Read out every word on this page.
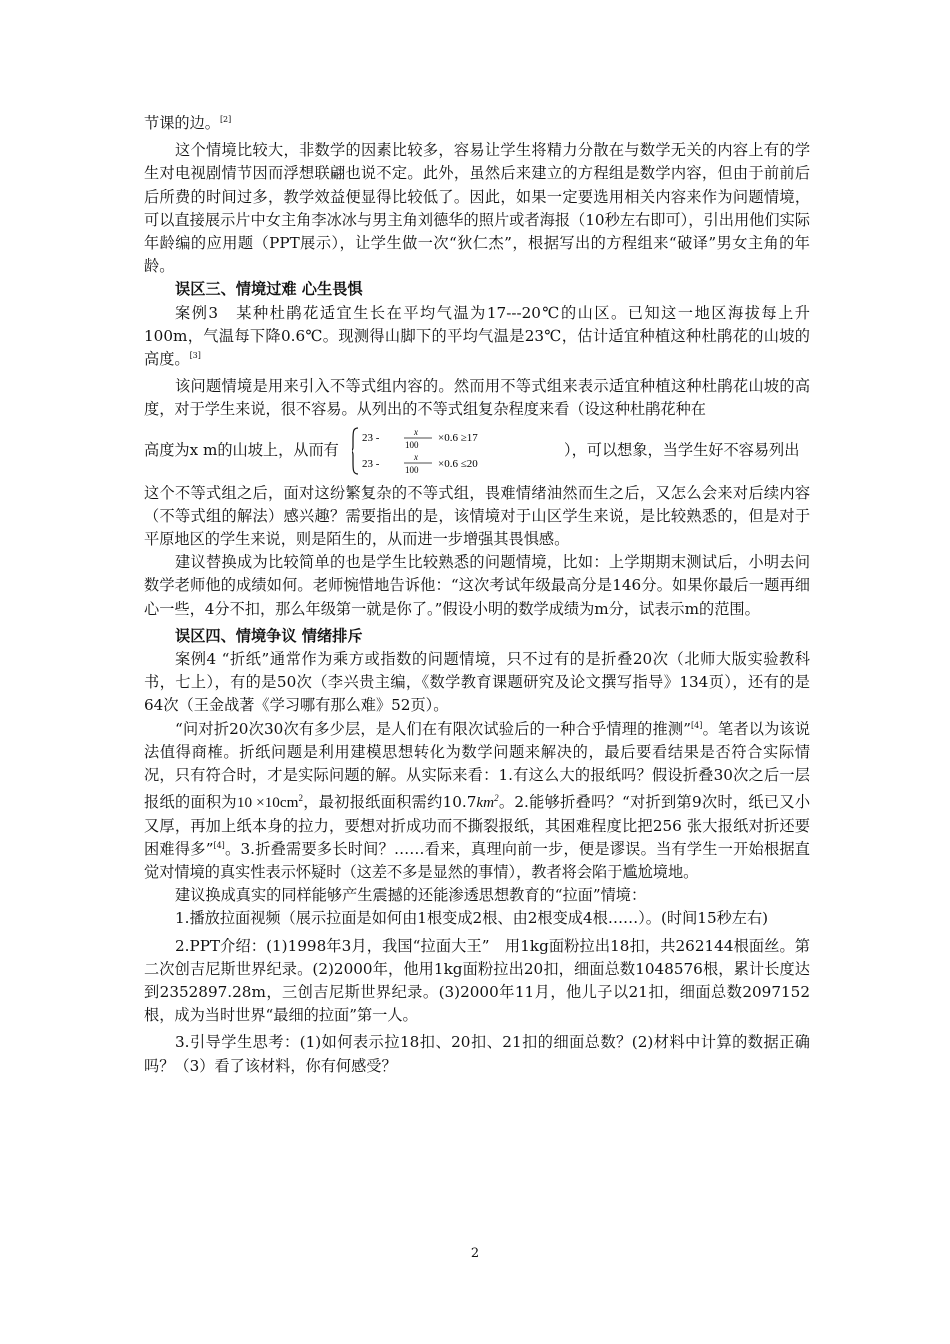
节课的边。[2]

这个情境比较大，非数学的因素比较多，容易让学生将精力分散在与数学无关的内容上有的学生对电视剧情节因而浮想联翩也说不定。此外，虽然后来建立的方程组是数学内容，但由于前前后后所费的时间过多，教学效益便显得比较低了。因此，如果一定要选用相关内容来作为问题情境，可以直接展示片中女主角李冰冰与男主角刘德华的照片或者海报（10秒左右即可），引出用他们实际年龄编的应用题（PPT展示），让学生做一次“狄仁杰”，根据写出的方程组来“破译”男女主角的年龄。

误区三、情境过难 心生畏惧

案例3　某种杜鹃花适宜生长在平均气温为17---20℃的山区。已知这一地区海拔每上升100m，气温每下降0.6℃。现测得山脚下的平均气温是23℃，估计适宜种植这种杜鹃花的山坡的高度。[3]

该问题情境是用来引入不等式组内容的。然而用不等式组来表示适宜种植这种杜鹃花山坡的高度，对于学生来说，很不容易。从列出的不等式组复杂程度来看（设这种杜鹃花种在

高度为x m的山坡上，从而有
23 -	x
100
×0.6 ≥17
23 -
x
100 ×0.6 ≤20
），可以想象，当学生好不容易列出

这个不等式组之后，面对这纷繁复杂的不等式组，畏难情绪油然而生之后，又怎么会来对后续内容（不等式组的解法）感兴趣？需要指出的是，该情境对于山区学生来说，是比较熟悉的，但是对于平原地区的学生来说，则是陌生的，从而进一步增强其畏惧感。

建议替换成为比较简单的也是学生比较熟悉的问题情境，比如：上学期期末测试后，小明去问数学老师他的成绩如何。老师惋惜地告诉他：“这次考试年级最高分是146分。如果你最后一题再细心一些，4分不扣，那么年级第一就是你了。”假设小明的数学成绩为m分，试表示m的范围。

误区四、情境争议 情绪排斥

案例4 “折纸”通常作为乘方或指数的问题情境，只不过有的是折叠20次（北师大版实验教科书，七上），有的是50次（李兴贵主编，《数学教育课题研究及论文撰写指导》134页），还有的是64次（王金战著《学习哪有那么难》52页）。

“问对折20次30次有多少层，是人们在有限次试验后的一种合乎情理的推测”[4]。笔者以为该说法值得商榷。折纸问题是利用建模思想转化为数学问题来解决的，最后要看结果是否符合实际情况，只有符合时，才是实际问题的解。从实际来看：1.有这么大的报纸吗？假设折叠30次之后一层报纸的面积为$10 \times 10cm^2$，最初报纸面积需约$10.7km^2$。2.能够折叠吗？“对折到第9次时，纸已又小又厚，再加上纸本身的拉力，要想对折成功而不撕裂报纸，其困难程度比把256 张大报纸对折还要困难得多”[4]。3.折叠需要多长时间？……看来，真理向前一步，便是谬误。当有学生一开始根据直觉对情境的真实性表示怀疑时（这差不多是显然的事情），教者将会陷于尴尬境地。

建议换成真实的同样能够产生震撼的还能渗透思想教育的“拉面”情境：

1.播放拉面视频（展示拉面是如何由1根变成2根、由2根变成4根……）。(时间15秒左右)

2.PPT介绍：(1)1998年3月，我国“拉面大王”　用1kg面粉拉出18扣，共262144根面丝。第二次创吉尼斯世界纪录。(2)2000年，他用1kg面粉拉出20扣，细面总数1048576根，累计长度达到2352897.28m，三创吉尼斯世界纪录。(3)2000年11月，他儿子以21扣，细面总数2097152根，成为当时世界“最细的拉面”第一人。

3.引导学生思考：(1)如何表示拉18扣、20扣、21扣的细面总数？(2)材料中计算的数据正确吗？（3）看了该材料，你有何感受？

2
